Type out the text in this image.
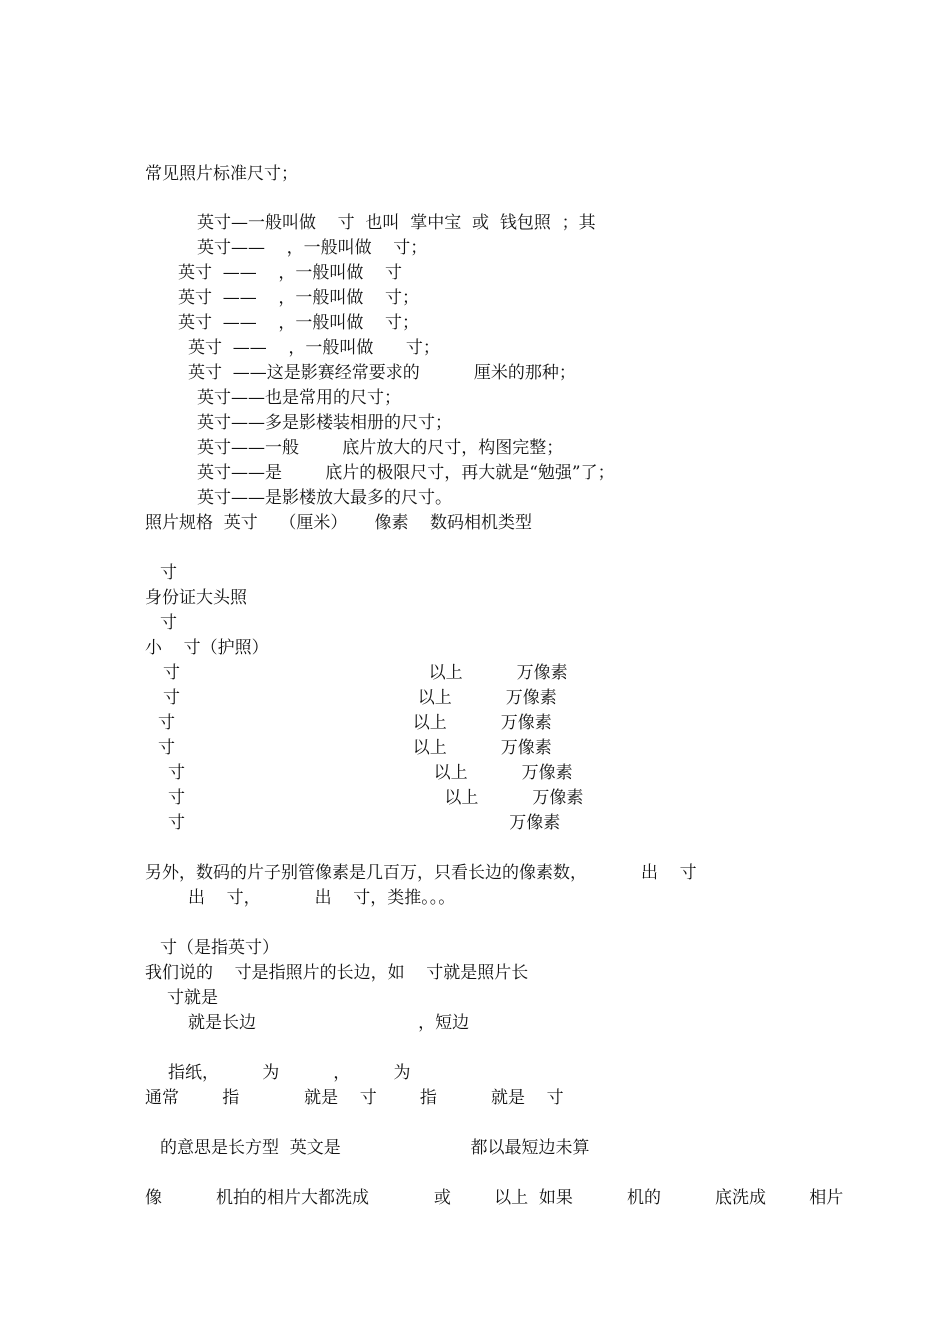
常见照片标准尺寸；
英寸—一般叫做    寸  也叫  掌中宝  或  钱包照  ；其
英寸——    ，一般叫做    寸；
英寸  ——    ，一般叫做    寸
英寸  ——    ，一般叫做    寸；
英寸  ——    ，一般叫做    寸；
英寸  ——    ，一般叫做      寸；
英寸  ——这是影赛经常要求的          厘米的那种；
英寸——也是常用的尺寸；
英寸——多是影楼装相册的尺寸；
英寸——一般        底片放大的尺寸，构图完整；
英寸——是        底片的极限尺寸，再大就是“勉强”了；
英寸——是影楼放大最多的尺寸。
照片规格  英寸    （厘米）     像素    数码相机类型
寸
身份证大头照
寸
小    寸（护照）
寸                                              以上          万像素
寸                                            以上          万像素
寸                                            以上          万像素
寸                                            以上          万像素
寸                                              以上          万像素
寸                                                以上          万像素
寸                                                            万像素
另外，数码的片子别管像素是几百万，只看长边的像素数，          出    寸
出    寸，          出    寸，类推。。。
寸（是指英寸）
我们说的    寸是指照片的长边，如    寸就是照片长
寸就是
就是长边                              ，短边
指纸，        为          ，        为
通常        指            就是    寸        指          就是    寸
的意思是长方型  英文是                        都以最短边未算
像          机拍的相片大都洗成            或        以上  如果          机的          底洗成        相片
